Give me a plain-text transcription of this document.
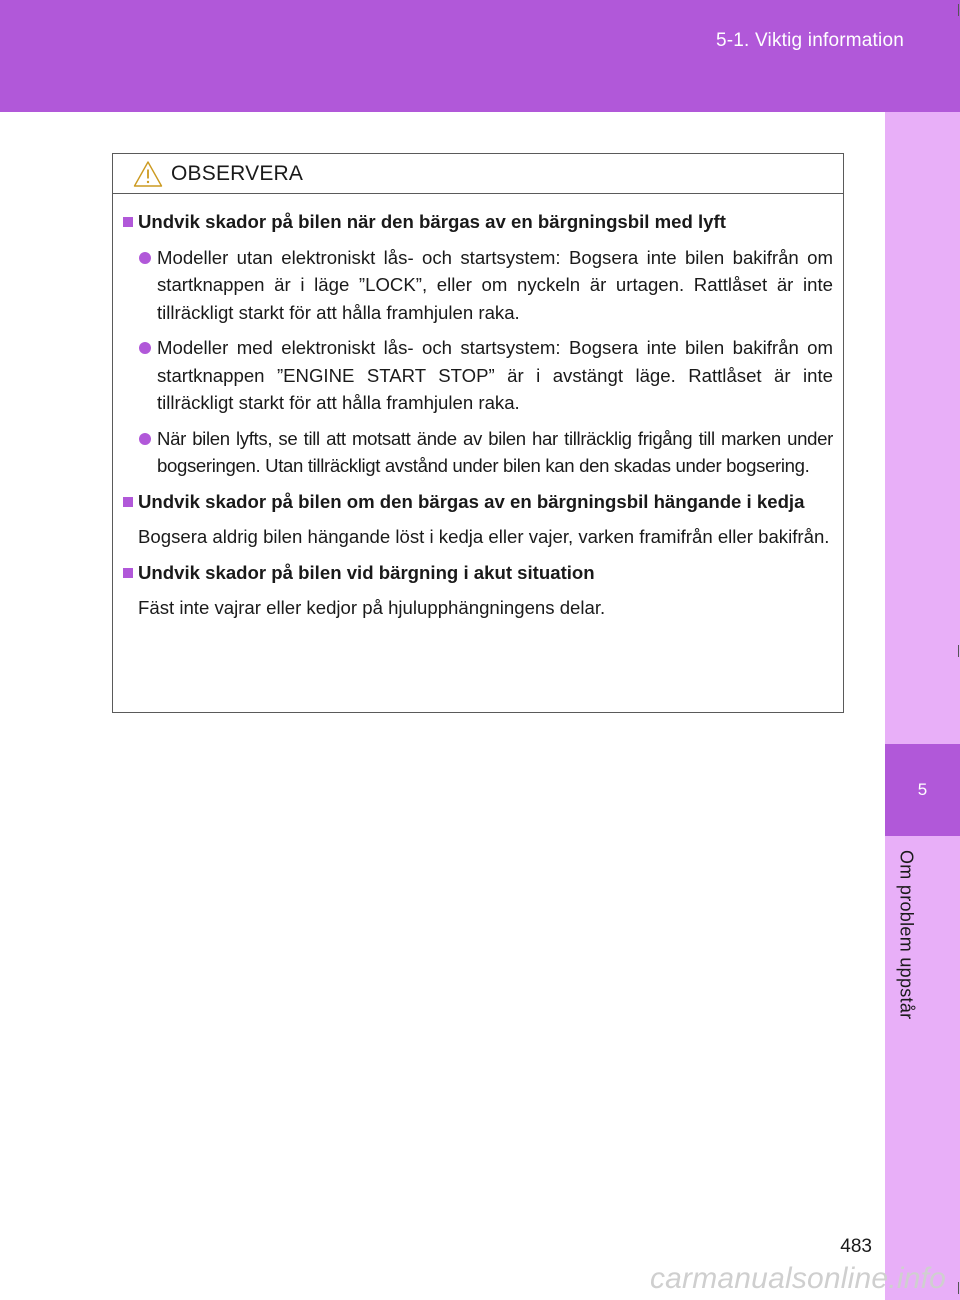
5-1. Viktig information
5
Om problem uppstår
OBSERVERA
Undvik skador på bilen när den bärgas av en bärgningsbil med lyft
Modeller utan elektroniskt lås- och startsystem: Bogsera inte bilen bakifrån om startknappen är i läge ”LOCK”, eller om nyckeln är urtagen. Rattlåset är inte tillräckligt starkt för att hålla framhjulen raka.
Modeller med elektroniskt lås- och startsystem: Bogsera inte bilen bakifrån om startknappen ”ENGINE START STOP” är i avstängt läge. Rattlåset är inte tillräckligt starkt för att hålla framhjulen raka.
När bilen lyfts, se till att motsatt ände av bilen har tillräcklig frigång till marken under bogseringen. Utan tillräckligt avstånd under bilen kan den skadas under bogsering.
Undvik skador på bilen om den bärgas av en bärgningsbil hängande i kedja
Bogsera aldrig bilen hängande löst i kedja eller vajer, varken framifrån eller bakifrån.
Undvik skador på bilen vid bärgning i akut situation
Fäst inte vajrar eller kedjor på hjulupphängningens delar.
483
carmanualsonline.info
